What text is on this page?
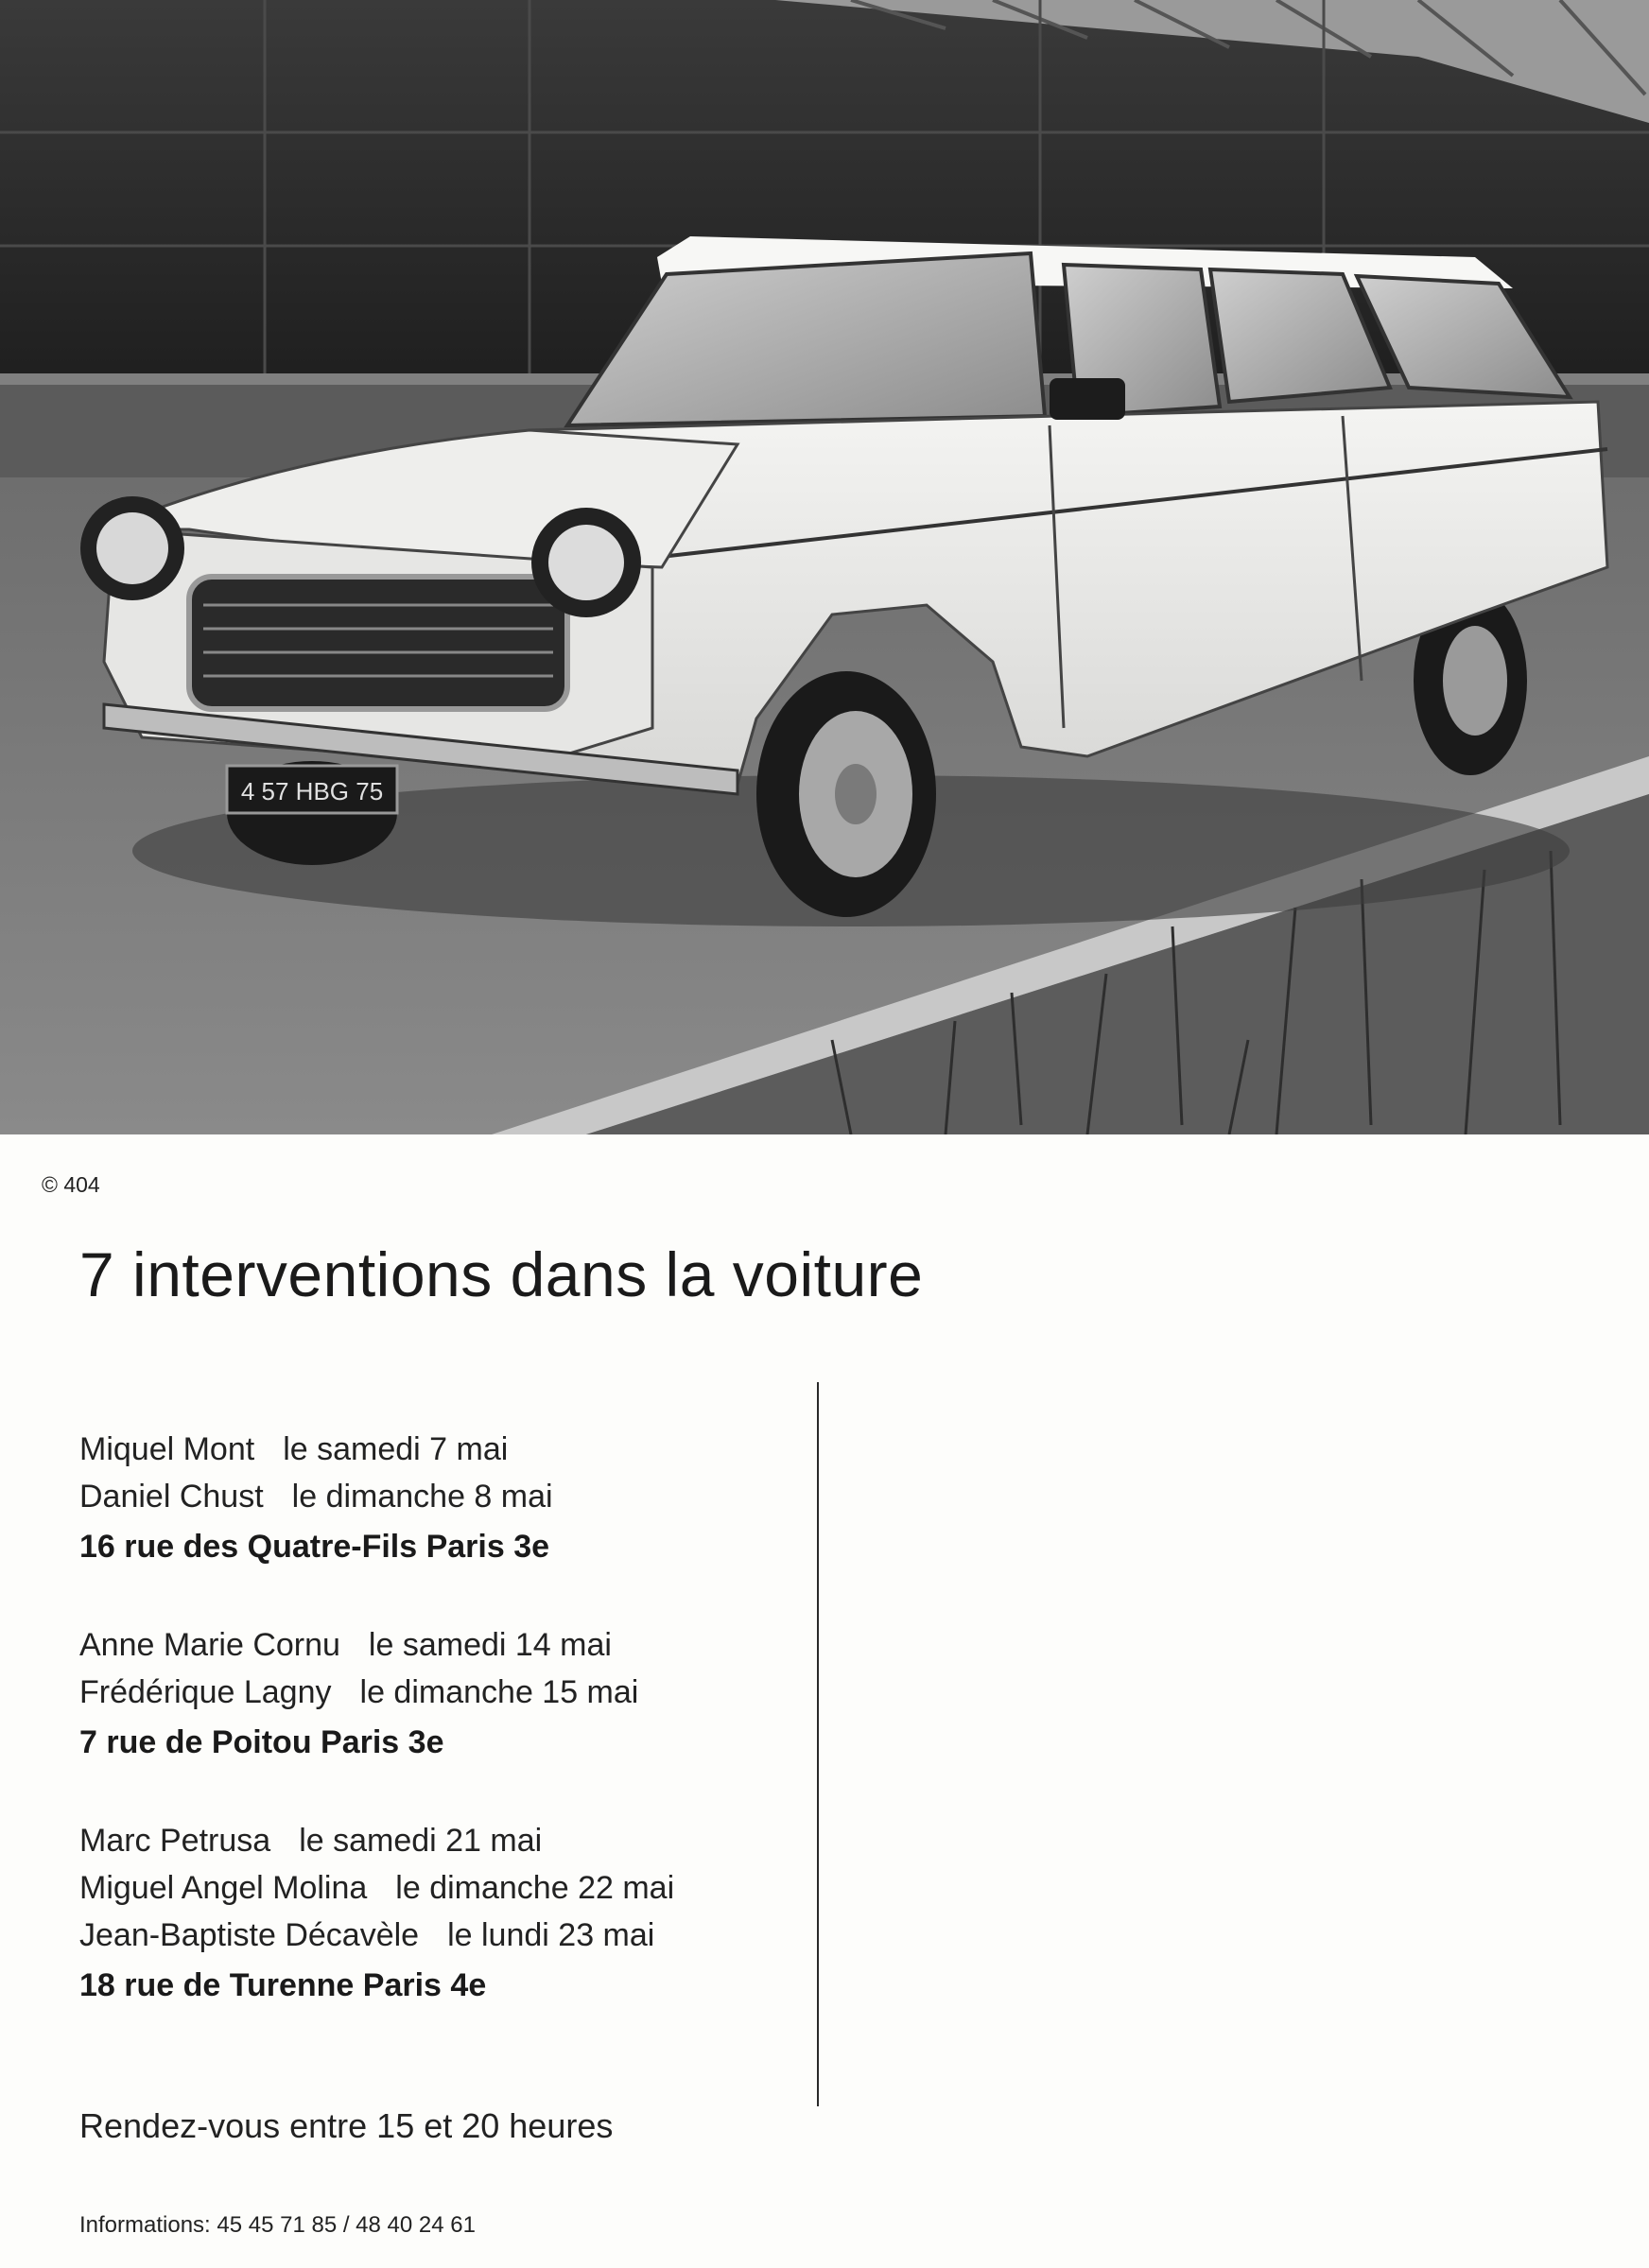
4 57 HBG 75
© 404
7 interventions dans la voiture
Miquel Mont le samedi 7 mai
Daniel Chust le dimanche 8 mai
16 rue des Quatre-Fils Paris 3e
Anne Marie Cornu le samedi 14 mai
Frédérique Lagny le dimanche 15 mai
7 rue de Poitou Paris 3e
Marc Petrusa le samedi 21 mai
Miguel Angel Molina le dimanche 22 mai
Jean-Baptiste Décavèle le lundi 23 mai
18 rue de Turenne Paris 4e
Rendez-vous entre 15 et 20 heures
Informations: 45 45 71 85 / 48 40 24 61
